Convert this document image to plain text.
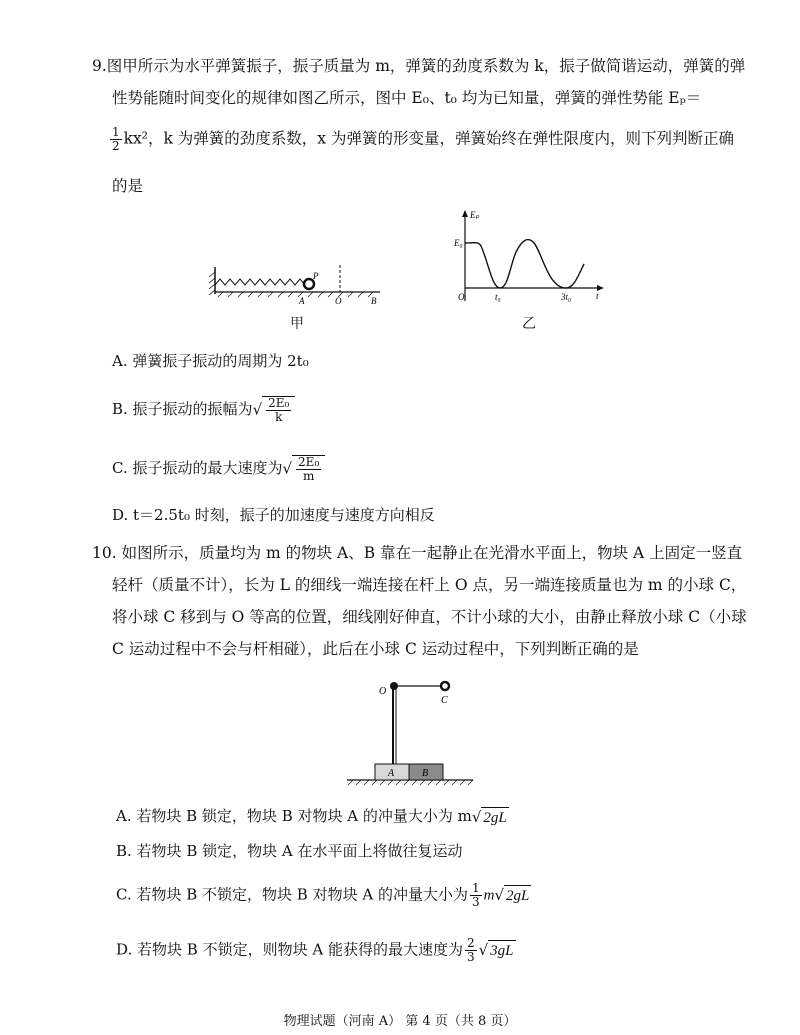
9.图甲所示为水平弹簧振子，振子质量为 m，弹簧的劲度系数为 k，振子做简谐运动，弹簧的弹
性势能随时间变化的规律如图乙所示，图中 E₀、t₀ 均为已知量，弹簧的弹性势能 Eₚ＝
$\frac{1}{2} kx^2$，k 为弹簧的劲度系数，x 为弹簧的形变量，弹簧始终在弹性限度内，则下列判断正确
的是
P
A	O	B
甲
Eₚ
E₀
O	t₀	3t₀	t
乙
A. 弹簧振子振动的周期为 2t₀
B. 振子振动的振幅为√ $\frac{\text{2E₀}}{k}$
C. 振子振动的最大速度为√ $\frac{\text{2E₀}}{m}$
D. t＝2.5t₀ 时刻，振子的加速度与速度方向相反
10. 如图所示，质量均为 m 的物块 A、B 靠在一起静止在光滑水平面上，物块 A 上固定一竖直
轻杆（质量不计），长为 L 的细线一端连接在杆上 O 点，另一端连接质量也为 m 的小球 C，
将小球 C 移到与 O 等高的位置，细线刚好伸直，不计小球的大小，由静止释放小球 C（小球
C 运动过程中不会与杆相碰），此后在小球 C 运动过程中，下列判断正确的是
O
C
A	B
A. 若物块 B 锁定，物块 B 对物块 A 的冲量大小为 m√ 2gL
B. 若物块 B 锁定，物块 A 在水平面上将做往复运动
C. 若物块 B 不锁定，物块 B 对物块 A 的冲量大小为 $\frac{1}{3} m√$ 2gL
D. 若物块 B 不锁定，则物块 A 能获得的最大速度为 $\frac{2}{3}$ √ 3gL
物理试题（河南 A） 第 4 页（共 8 页）
